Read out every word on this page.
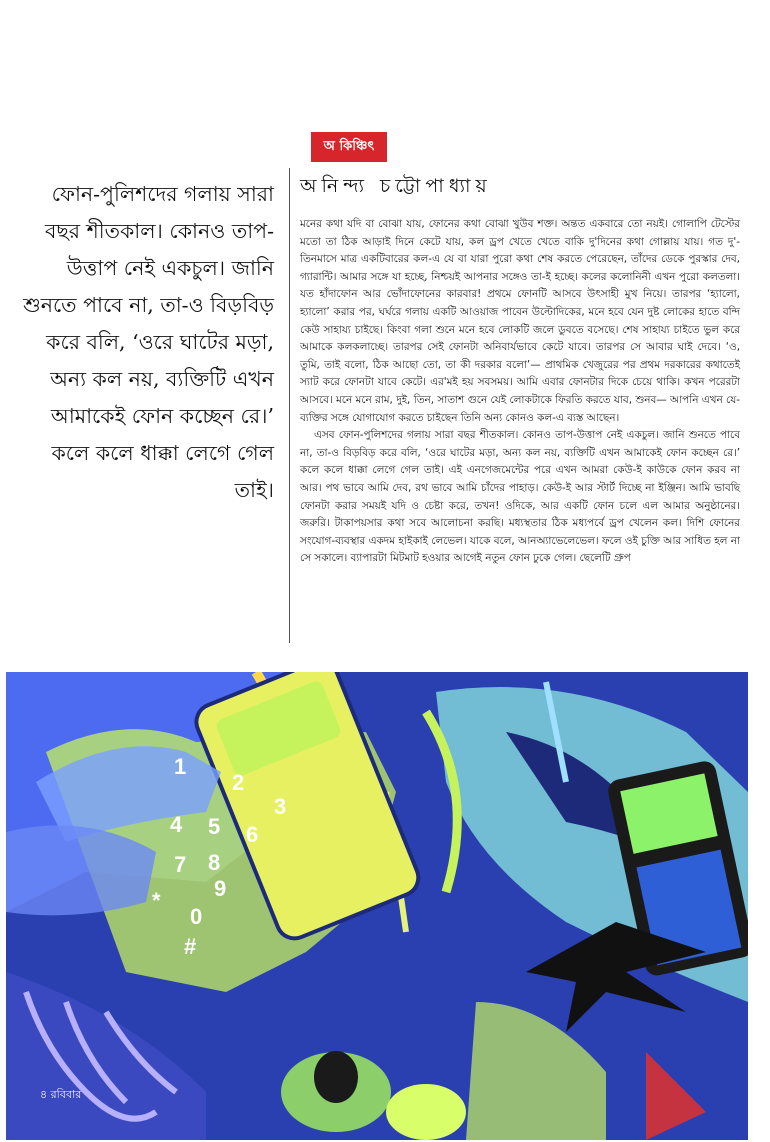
অ কিঞ্চিৎ
ফোন-পুলিশদের গলায় সারা বছর শীতকাল। কোনও তাপ-উত্তাপ নেই একচুল। জানি শুনতে পাবে না, তা-ও বিড়বিড় করে বলি, ‘ওরে ঘাটের মড়া, অন্য কল নয়, ব্যক্তিটি এখন আমাকেই ফোন কচ্ছেন রে।’ কলে কলে ধাক্কা লেগে গেল তাই।
অনিন্দ্য চট্টোপাধ্যায়

মনের কথা যদি বা বোঝা যায়, ফোনের কথা বোঝা খুউব শক্ত। অন্তত একবারে তো নয়ই। গোলাপি টেস্টের মতো তা ঠিক আড়াই দিনে কেটে যায়, কল ড্রপ খেতে খেতে বাকি দু'দিনের কথা গোল্লায় যায়। গত দু'-তিনমাসে মাত্র একটিবারের কল-এ যে বা যারা পুরো কথা শেষ করতে পেরেছেন, তাঁদের ডেকে পুরস্কার দেব, গ্যারান্টি। আমার সঙ্গে যা হচ্ছে, নিশ্চয়ই আপনার সঙ্গেও তা-ই হচ্ছে। কলের কলোনিনী এখন পুরো কলতলা। যত হাঁদাফোন আর ভোঁদাফোনের কারবার! প্রথমে ফোনটি আসবে উৎসাহী মুখ নিয়ে। তারপর ‘হ্যালো, হ্যালো’ করার পর, ঘর্ঘরে গলায় একটি আওয়াজ পাবেন উল্টোদিকের, মনে হবে যেন দুষ্ট লোকের হাতে বন্দি কেউ সাহায্য চাইছে। কিংবা গলা শুনে মনে হবে লোকটি জলে ডুবতে বসেছে। শেষ সাহায্য চাইতে ভুল করে আমাকে কলকলাচ্ছে। তারপর সেই ফোনটা অনিবার্যভাবে কেটে যাবে। তারপর সে আবার ঘাই দেবে। ‘ও, তুমি, তাই বলো, ঠিক আছো তো, তা কী দরকার বলো’— প্রাথমিক খেজুরের পর প্রথম দরকারের কথাতেই স্যাট করে ফোনটা যাবে কেটে। এর'মই হয় সবসময়। আমি এবার ফোনটার দিকে চেয়ে থাকি। কখন পরেরটা আসবে। মনে মনে রাম, দুই, তিন, সাতাশ গুনে যেই লোকটাকে ফিরতি করতে যাব, শুনব— আপনি এখন যে-ব্যক্তির সঙ্গে যোগাযোগ করতে চাইছেন তিনি অন্য কোনও কল-এ ব্যস্ত আছেন।

এসব ফোন-পুলিশদের গলায় সারা বছর শীতকাল। কোনও তাপ-উত্তাপ নেই একচুল। জানি শুনতে পাবে না, তা-ও বিড়বিড় করে বলি, ‘ওরে ঘাটের মড়া, অন্য কল নয়, ব্যক্তিটি এখন আমাকেই ফোন কচ্ছেন রে।’ কলে কলে ধাক্কা লেগে গেল তাই। এই এনগেজমেন্টের পরে এখন আমরা কেউ-ই কাউকে ফোন করব না আর। পথ ভাবে আমি দেব, রথ ভাবে আমি চাঁদের পাহাড়। কেউ-ই আর স্টার্ট দিচ্ছে না ইঞ্জিন। আমি ভাবছি ফোনটা করার সময়ই যদি ও চেষ্টা করে, তখন! ওদিকে, আর একটি ফোন চলে এল আমার অনুষ্ঠানের। জরুরি। টাকাপয়সার কথা সবে আলোচনা করছি। মধ্যস্থতার ঠিক মধ্যপর্বে ড্রপ খেলেন কল। দিশি ফোনের সংযোগ-ব্যবস্থার একদম হাইকাই লেভেল। যাকে বলে, আনঅ্যাভেলেভেল। ফলে ওই চুক্তি আর সাধিত হল না সে সকালে। ব্যাপারটা মিটমাট হওয়ার আগেই নতুন ফোন ঢুকে গেল। ছেলেটি গ্রুপ

1
2
3
4 5 6
7 8
9
*
0
#
৪ রবিবার
